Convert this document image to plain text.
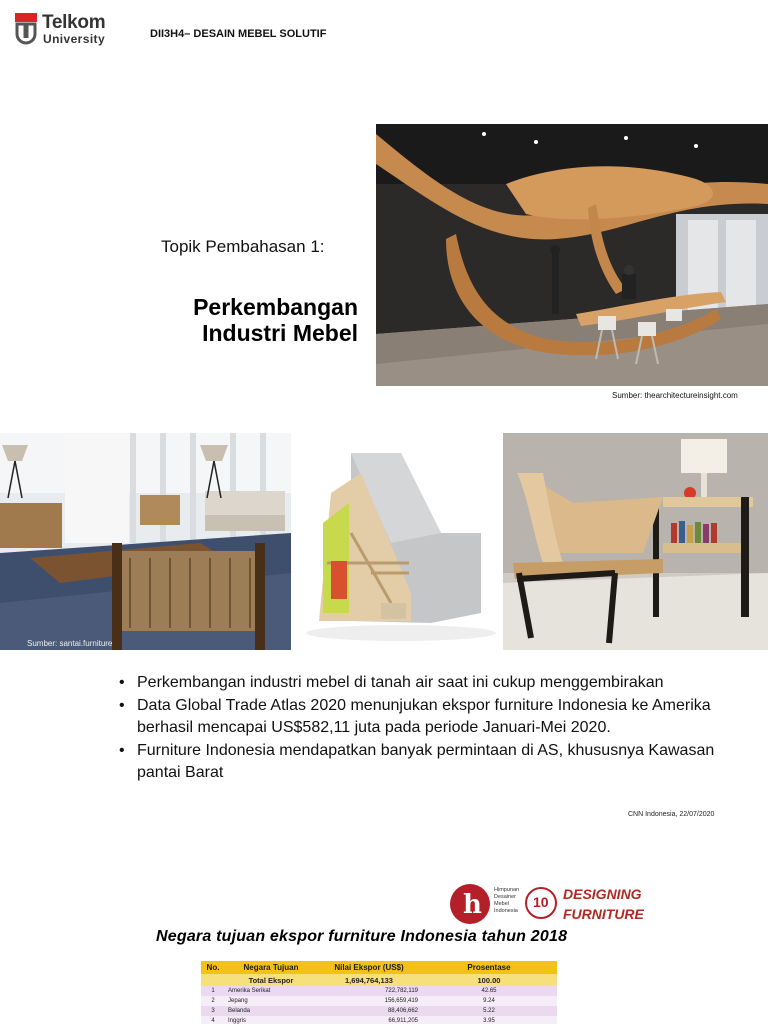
Telkom
University	DII3H4– DESAIN MEBEL SOLUTIF
Topik Pembahasan 1:
Perkembangan
Industri Mebel
Sumber: thearchitectureinsight.com
Sumber: santai.furniture
• Perkembangan industri mebel di tanah air saat ini cukup menggembirakan
• Data Global Trade Atlas 2020 menunjukan ekspor furniture Indonesia ke Amerika berhasil mencapai US$582,11 juta pada periode Januari-Mei 2020.
• Furniture Indonesia mendapatkan banyak permintaan di AS, khususnya Kawasan pantai Barat
CNN Indonesia, 22/07/2020
h Himpunan Desainer Mebel Indonesia
10 DESIGNING
FURNITURE
Negara tujuan ekspor furniture Indonesia tahun 2018
No.	Negara Tujuan	Nilai Ekspor (US$)	Prosentase
	Total Ekspor	1,694,764,133	100.00
1	Amerika Serikat	722,782,119	42.65
2	Jepang	156,659,419	9.24
3	Belanda	88,406,662	5.22
4	Inggris	66,911,205	3.95
